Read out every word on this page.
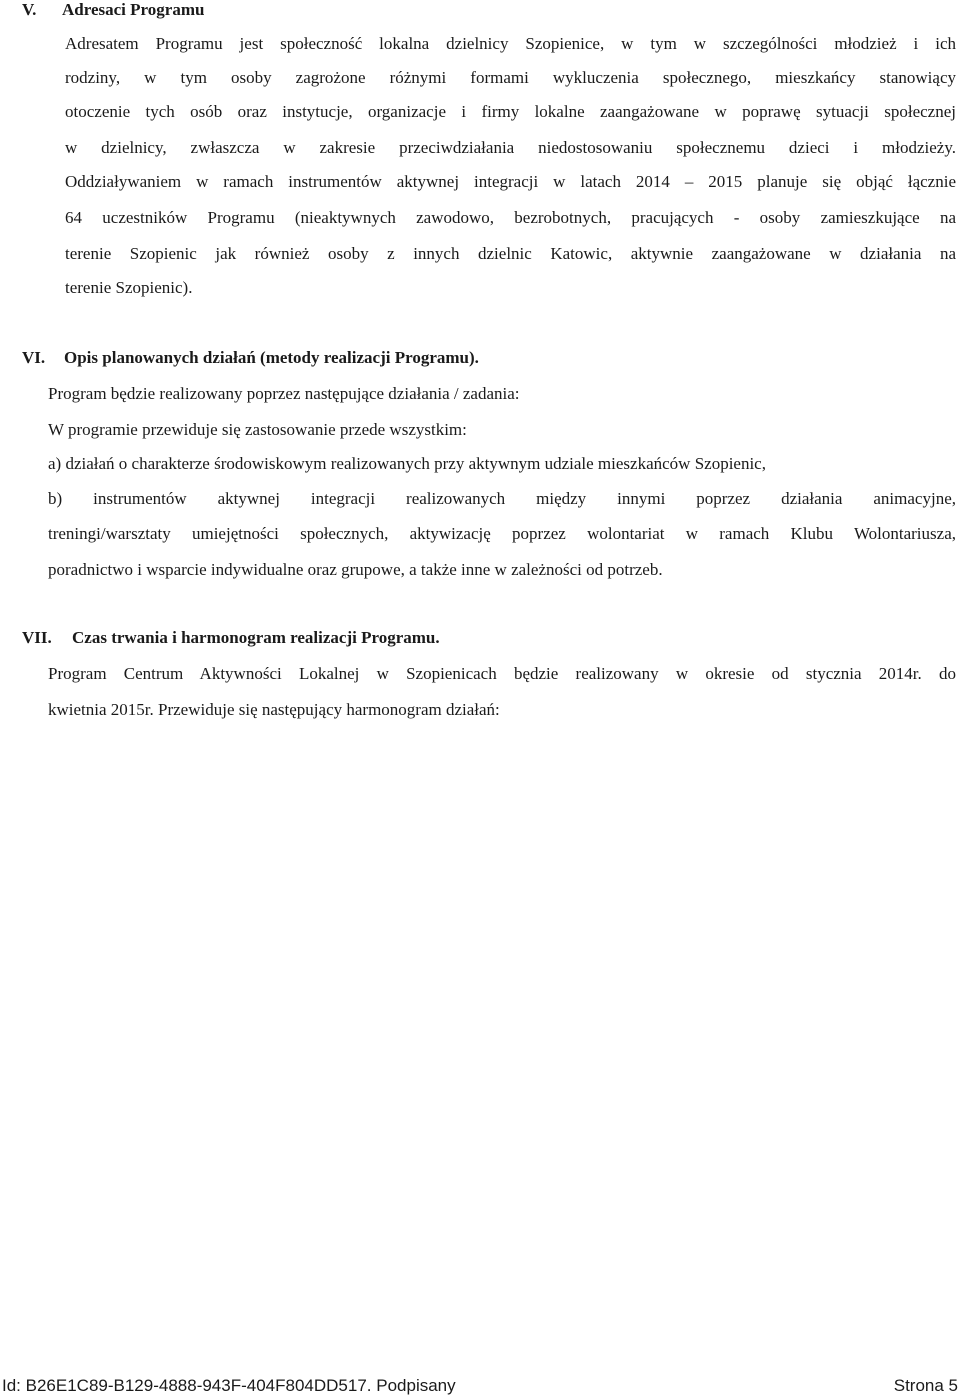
V. Adresaci Programu
Adresatem Programu jest społeczność lokalna dzielnicy Szopienice, w tym w szczególności młodzież i ich
rodziny, w tym osoby zagrożone różnymi formami wykluczenia społecznego, mieszkańcy stanowiący
otoczenie tych osób oraz instytucje, organizacje i firmy lokalne zaangażowane w poprawę sytuacji społecznej
w dzielnicy, zwłaszcza w zakresie przeciwdziałania niedostosowaniu społecznemu dzieci i młodzieży.
Oddziaływaniem w ramach instrumentów aktywnej integracji w latach 2014 – 2015 planuje się objąć łącznie
64 uczestników Programu (nieaktywnych zawodowo, bezrobotnych, pracujących - osoby zamieszkujące na
terenie Szopienic jak również osoby z innych dzielnic Katowic, aktywnie zaangażowane w działania na
terenie Szopienic).
VI. Opis planowanych działań (metody realizacji Programu).
Program będzie realizowany poprzez następujące działania / zadania:
W programie przewiduje się zastosowanie przede wszystkim:
a) działań o charakterze środowiskowym realizowanych przy aktywnym udziale mieszkańców Szopienic,
b) instrumentów aktywnej integracji realizowanych między innymi poprzez działania animacyjne,
treningi/warsztaty umiejętności społecznych, aktywizację poprzez wolontariat w ramach Klubu Wolontariusza,
poradnictwo i wsparcie indywidualne oraz grupowe, a także inne w zależności od potrzeb.
VII. Czas trwania i harmonogram realizacji Programu.
Program Centrum Aktywności Lokalnej w Szopienicach będzie realizowany w okresie od stycznia 2014r. do
kwietnia 2015r. Przewiduje się następujący harmonogram działań:
Id: B26E1C89-B129-4888-943F-404F804DD517. Podpisany	Strona 5
